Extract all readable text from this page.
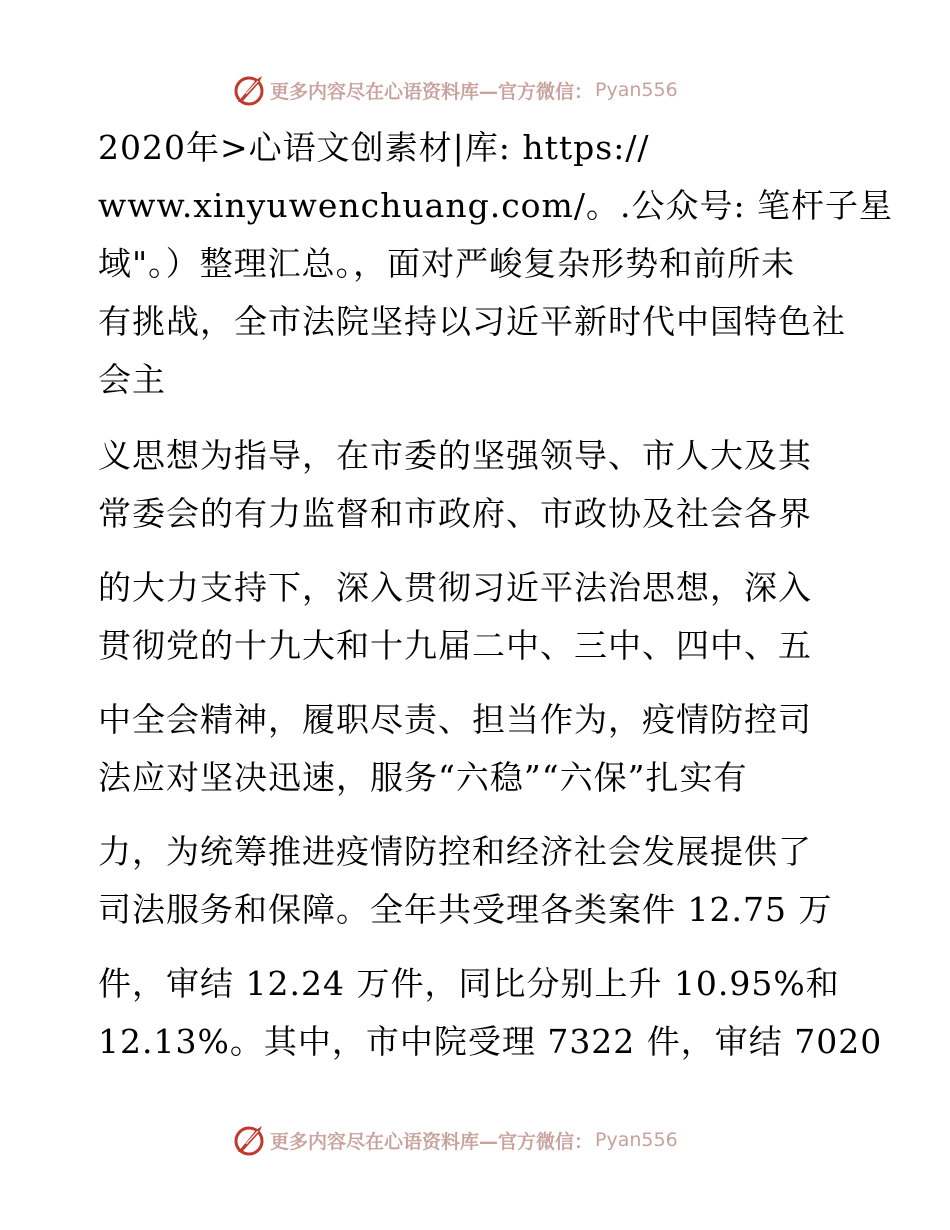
更多内容尽在心语资料库—官方微信： Pyan556
2020年>心语文创素材|库: https://
www.xinyuwenchuang.com/。.公众号: 笔杆子星
域"。）整理汇总。，面对严峻复杂形势和前所未
有挑战，全市法院坚持以习近平新时代中国特色社
会主
义思想为指导，在市委的坚强领导、市人大及其
常委会的有力监督和市政府、市政协及社会各界
的大力支持下，深入贯彻习近平法治思想，深入
贯彻党的十九大和十九届二中、三中、四中、五
中全会精神，履职尽责、担当作为，疫情防控司
法应对坚决迅速，服务“六稳”“六保”扎实有
力，为统筹推进疫情防控和经济社会发展提供了
司法服务和保障。全年共受理各类案件 12.75 万
件，审结 12.24 万件，同比分别上升 10.95%和
12.13%。其中，市中院受理 7322 件，审结 7020
更多内容尽在心语资料库—官方微信： Pyan556
